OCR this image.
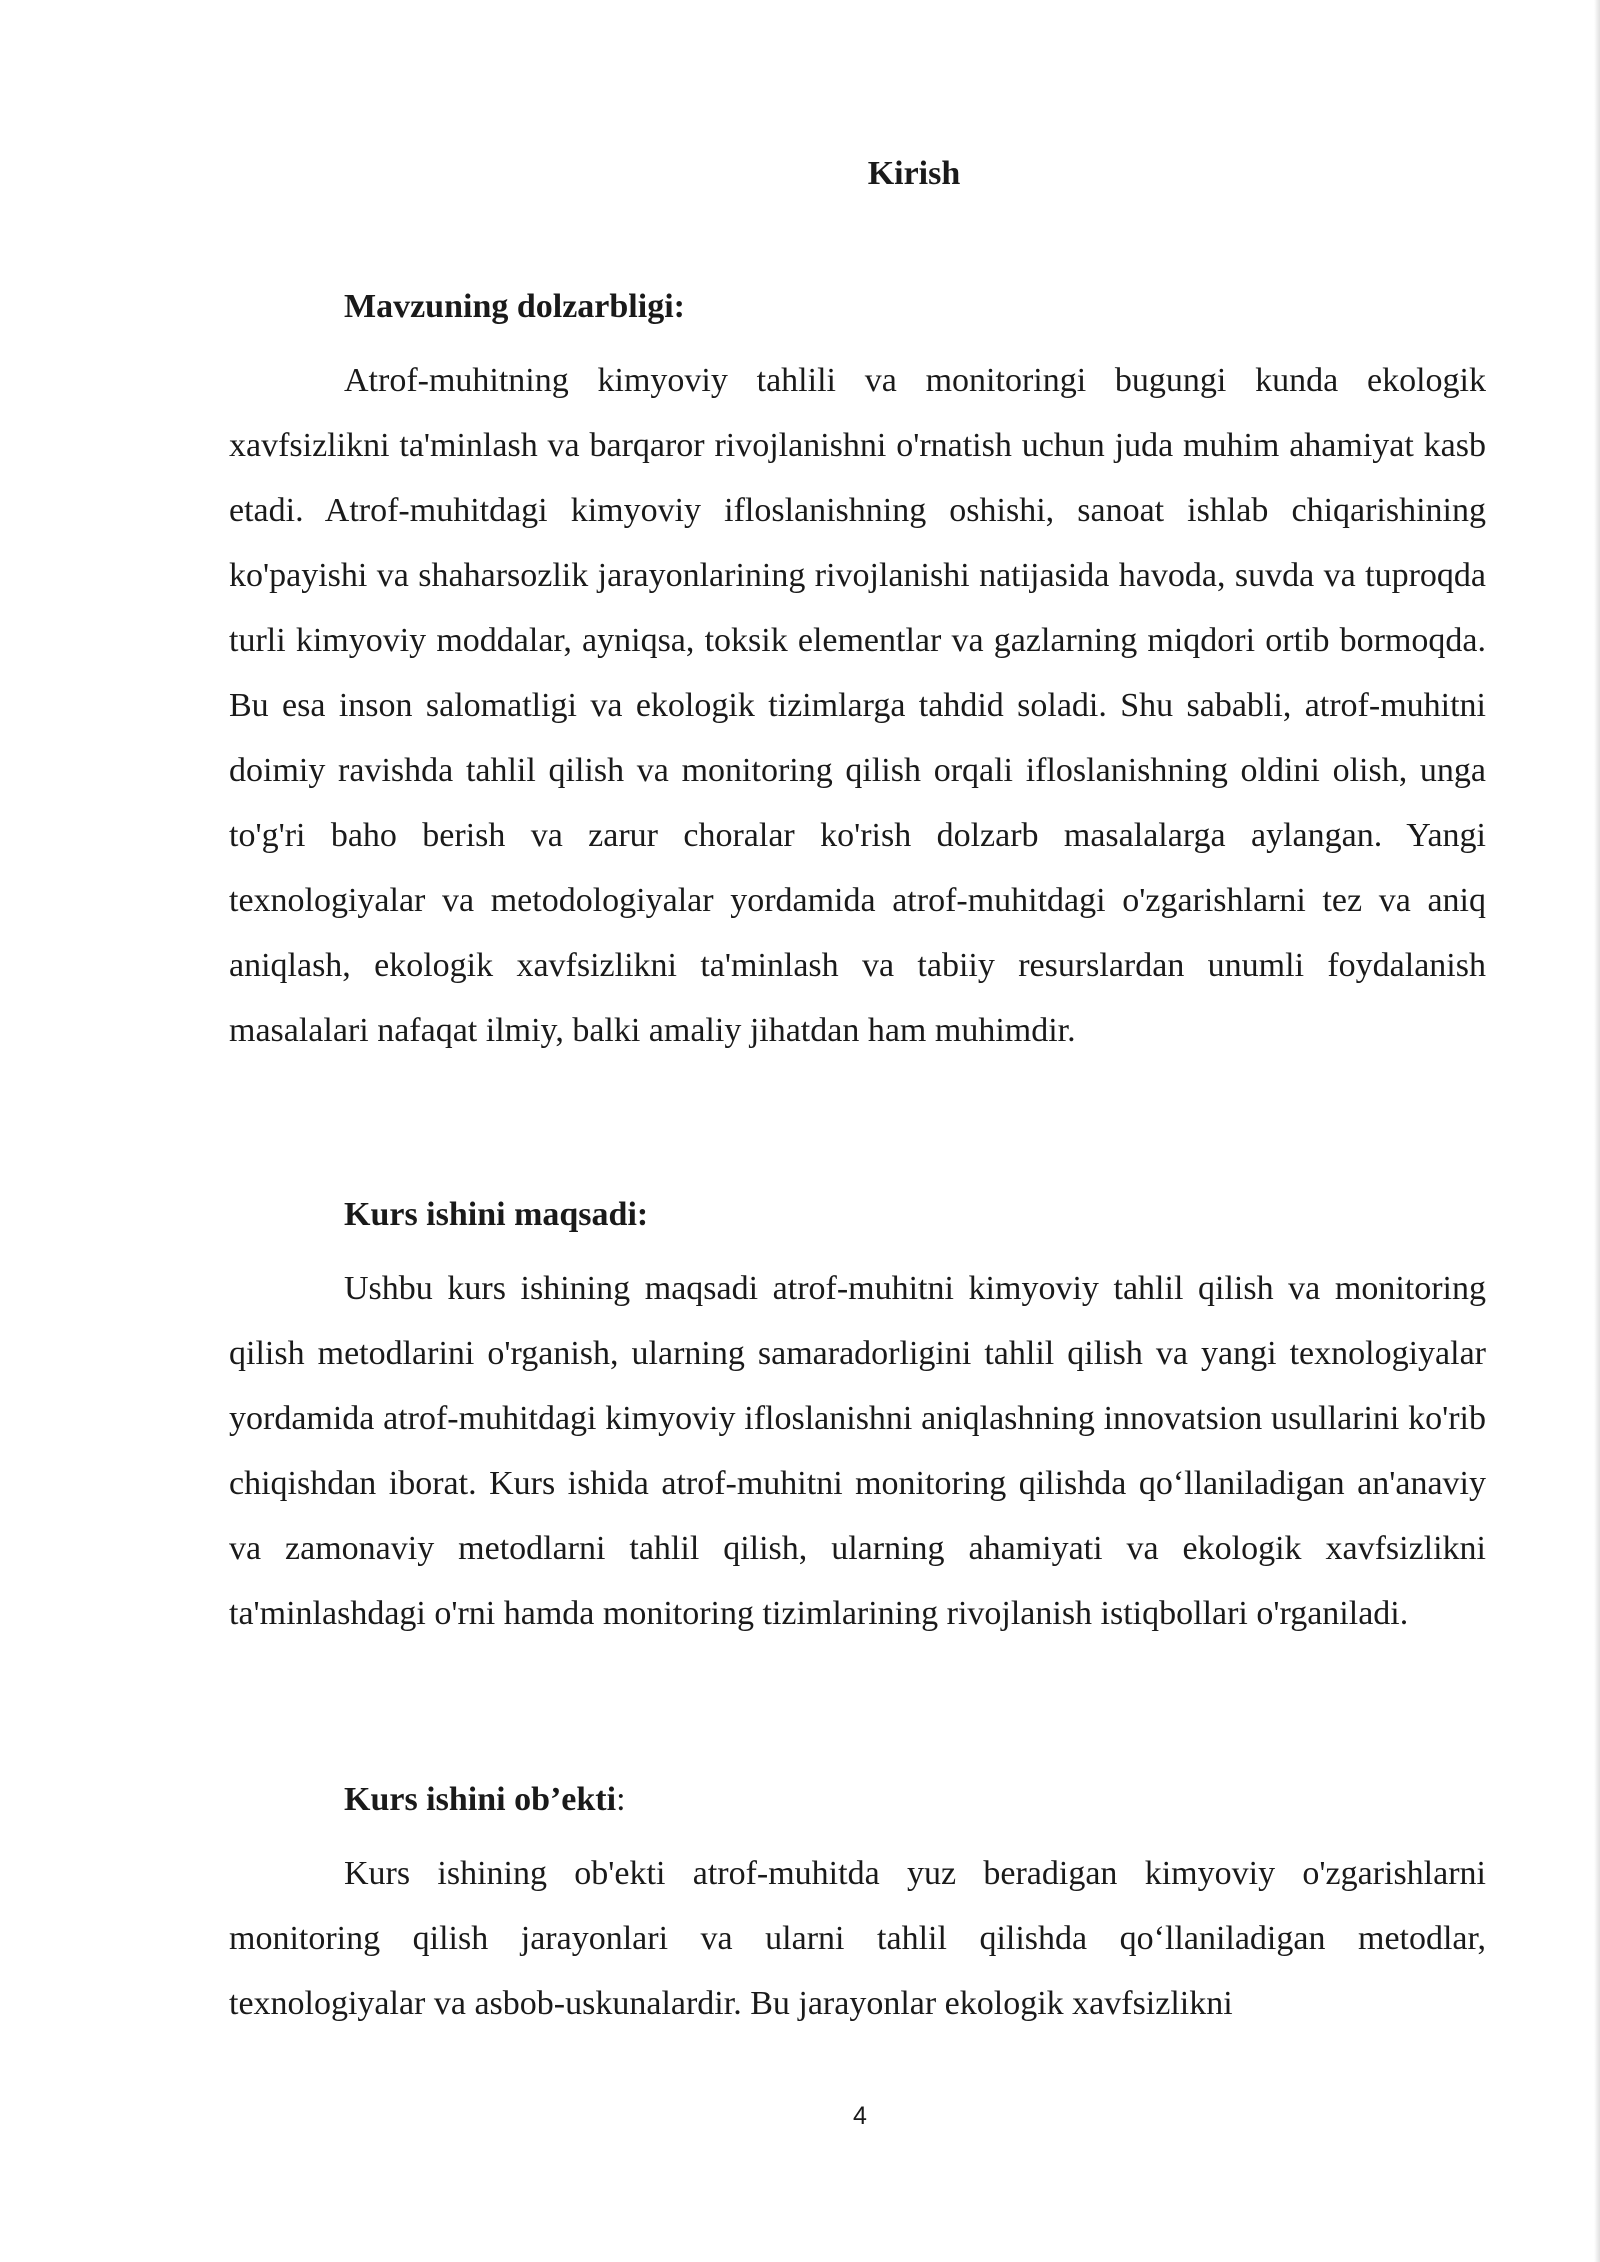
Kirish

Mavzuning dolzarbligi:

Atrof-muhitning kimyoviy tahlili va monitoringi bugungi kunda ekologik xavfsizlikni ta'minlash va barqaror rivojlanishni o'rnatish uchun juda muhim ahamiyat kasb etadi. Atrof-muhitdagi kimyoviy ifloslanishning oshishi, sanoat ishlab chiqarishining ko'payishi va shaharsozlik jarayonlarining rivojlanishi natijasida havoda, suvda va tuproqda turli kimyoviy moddalar, ayniqsa, toksik elementlar va gazlarning miqdori ortib bormoqda. Bu esa inson salomatligi va ekologik tizimlarga tahdid soladi. Shu sababli, atrof-muhitni doimiy ravishda tahlil qilish va monitoring qilish orqali ifloslanishning oldini olish, unga to'g'ri baho berish va zarur choralar ko'rish dolzarb masalalarga aylangan. Yangi texnologiyalar va metodologiyalar yordamida atrof-muhitdagi o'zgarishlarni tez va aniq aniqlash, ekologik xavfsizlikni ta'minlash va tabiiy resurslardan unumli foydalanish masalalari nafaqat ilmiy, balki amaliy jihatdan ham muhimdir.

Kurs ishini maqsadi:

Ushbu kurs ishining maqsadi atrof-muhitni kimyoviy tahlil qilish va monitoring qilish metodlarini o'rganish, ularning samaradorligini tahlil qilish va yangi texnologiyalar yordamida atrof-muhitdagi kimyoviy ifloslanishni aniqlashning innovatsion usullarini ko'rib chiqishdan iborat. Kurs ishida atrof-muhitni monitoring qilishda qo‘llaniladigan an'anaviy va zamonaviy metodlarni tahlil qilish, ularning ahamiyati va ekologik xavfsizlikni ta'minlashdagi o'rni hamda monitoring tizimlarining rivojlanish istiqbollari o'rganiladi.

Kurs ishini ob’ekti:

Kurs ishining ob'ekti atrof-muhitda yuz beradigan kimyoviy o'zgarishlarni monitoring qilish jarayonlari va ularni tahlil qilishda qo‘llaniladigan metodlar, texnologiyalar va asbob-uskunalardir. Bu jarayonlar ekologik xavfsizlikni

4
